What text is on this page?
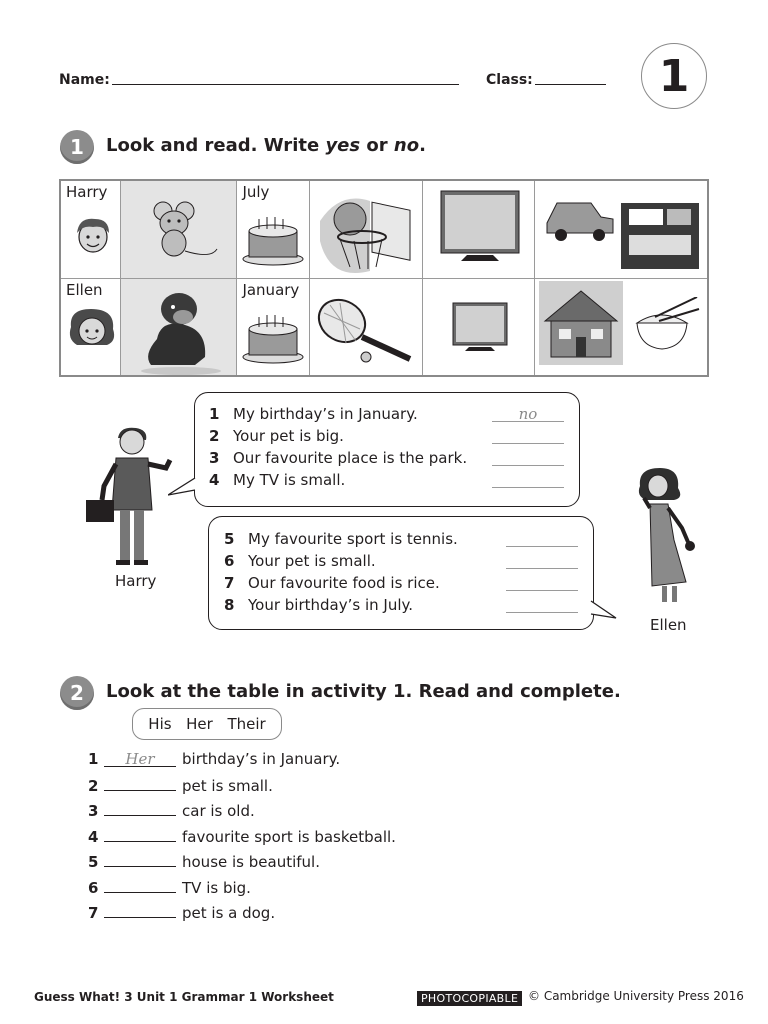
Name:	Class:	1
1	Look and read. Write yes or no.
Harry		July

Ellen		January

Harry
Ellen
1 My birthday’s in January.	no
2 Your pet is big.
3 Our favourite place is the park.
4 My TV is small.
5 My favourite sport is tennis.
6 Your pet is small.
7 Our favourite food is rice.
8 Your birthday’s in July.
2	Look at the table in activity 1. Read and complete.
His Her Their
1 Her birthday’s in January.
2	pet is small.
3	car is old.
4	favourite sport is basketball.
5	house is beautiful.
6	TV is big.
7	pet is a dog.
Guess What! 3 Unit 1 Grammar 1 Worksheet	PHOTOCOPIABLE © Cambridge University Press 2016
